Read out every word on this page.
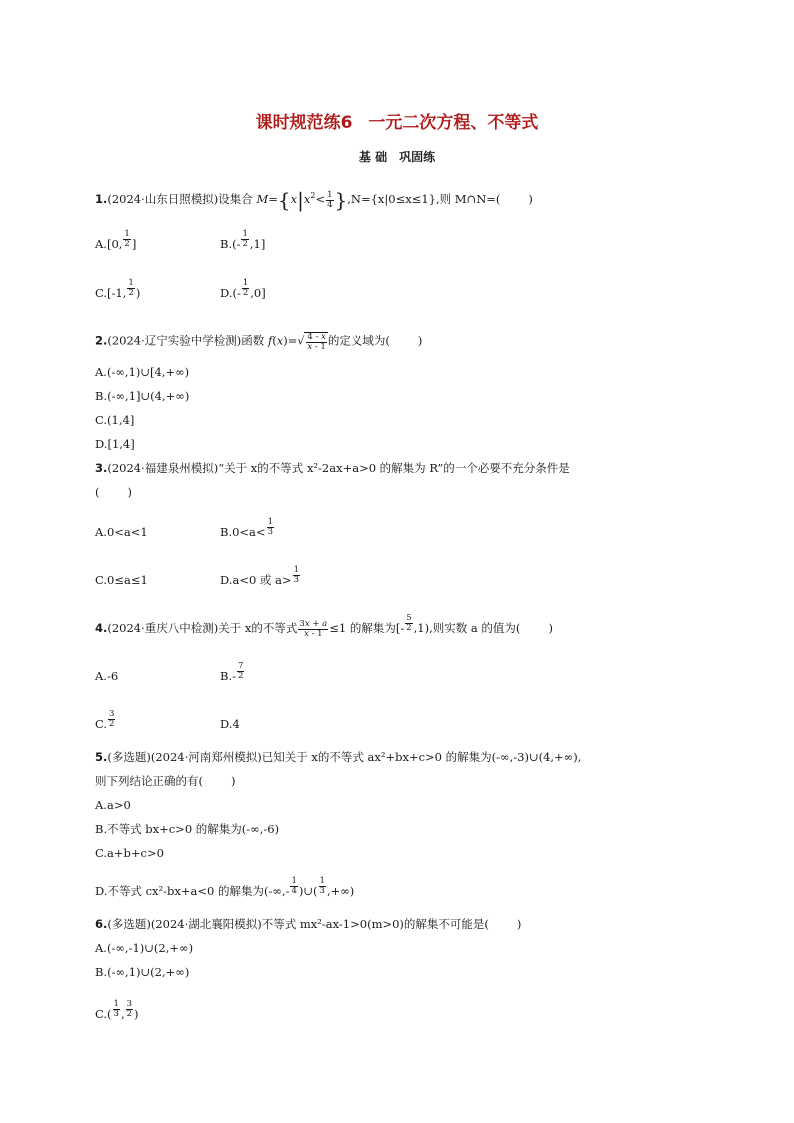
课时规范练6 一元二次方程、不等式
基 础 巩固练
1.(2024·山东日照模拟)设集合 $M=\{x|x^2< \frac{1}{4} \},N=\{x|0\le x\le 1\}$,则 M∩N=( )
A.[0, $\frac{1}{2}$ ]	$B.(- \frac{1}{2} ,1]$
C.[-1, $\frac{1}{2}$ )	$D.(- \frac{1}{2} ,0]$
2.(2024·辽宁实验中学检测)函数 $f(x)=√ \frac{4 - x}{x - 1}$ 的定义域为( )
A.(-∞,1)∪[4,+∞)
B.(-∞,1]∪(4,+∞)
C.(1,4]
D.[1,4]
3.(2024·福建泉州模拟)“关于 x的不等式 x²-2ax+a>0 的解集为 R”的一个必要不充分条件是
( )
A.0<a<1	$B.0<a< \frac{1}{3}$
C.0≤a≤1	D.a<0 或 $a> \frac{1}{3}$
4.(2024·重庆八中检测)关于 x的不等式 $\frac{3x + a}{x - 1} \le 1$ 的解集为[- $\frac{5}{2} ,1$),则实数 a 的值为( )
A.-6	$B.- \frac{7}{2}$
C. $\frac{3}{2}$	D.4
5.(多选题)(2024·河南郑州模拟)已知关于 x的不等式 ax²+bx+c>0 的解集为(-∞,-3)∪(4,+∞),
则下列结论正确的有( )
A.a>0
B.不等式 bx+c>0 的解集为(-∞,-6)
C.a+b+c>0
D.不等式 cx²-bx+a<0 的解集为(-∞,- $\frac{1}{4}$ )∪( $\frac{1}{3}$ ,+∞)
6.(多选题)(2024·湖北襄阳模拟)不等式 mx²-ax-1>0(m>0)的解集不可能是( )
A.(-∞,-1)∪(2,+∞)
B.(-∞,1)∪(2,+∞)
$C.( \frac{1}{3}$ , $\frac{3}{2}$ )
